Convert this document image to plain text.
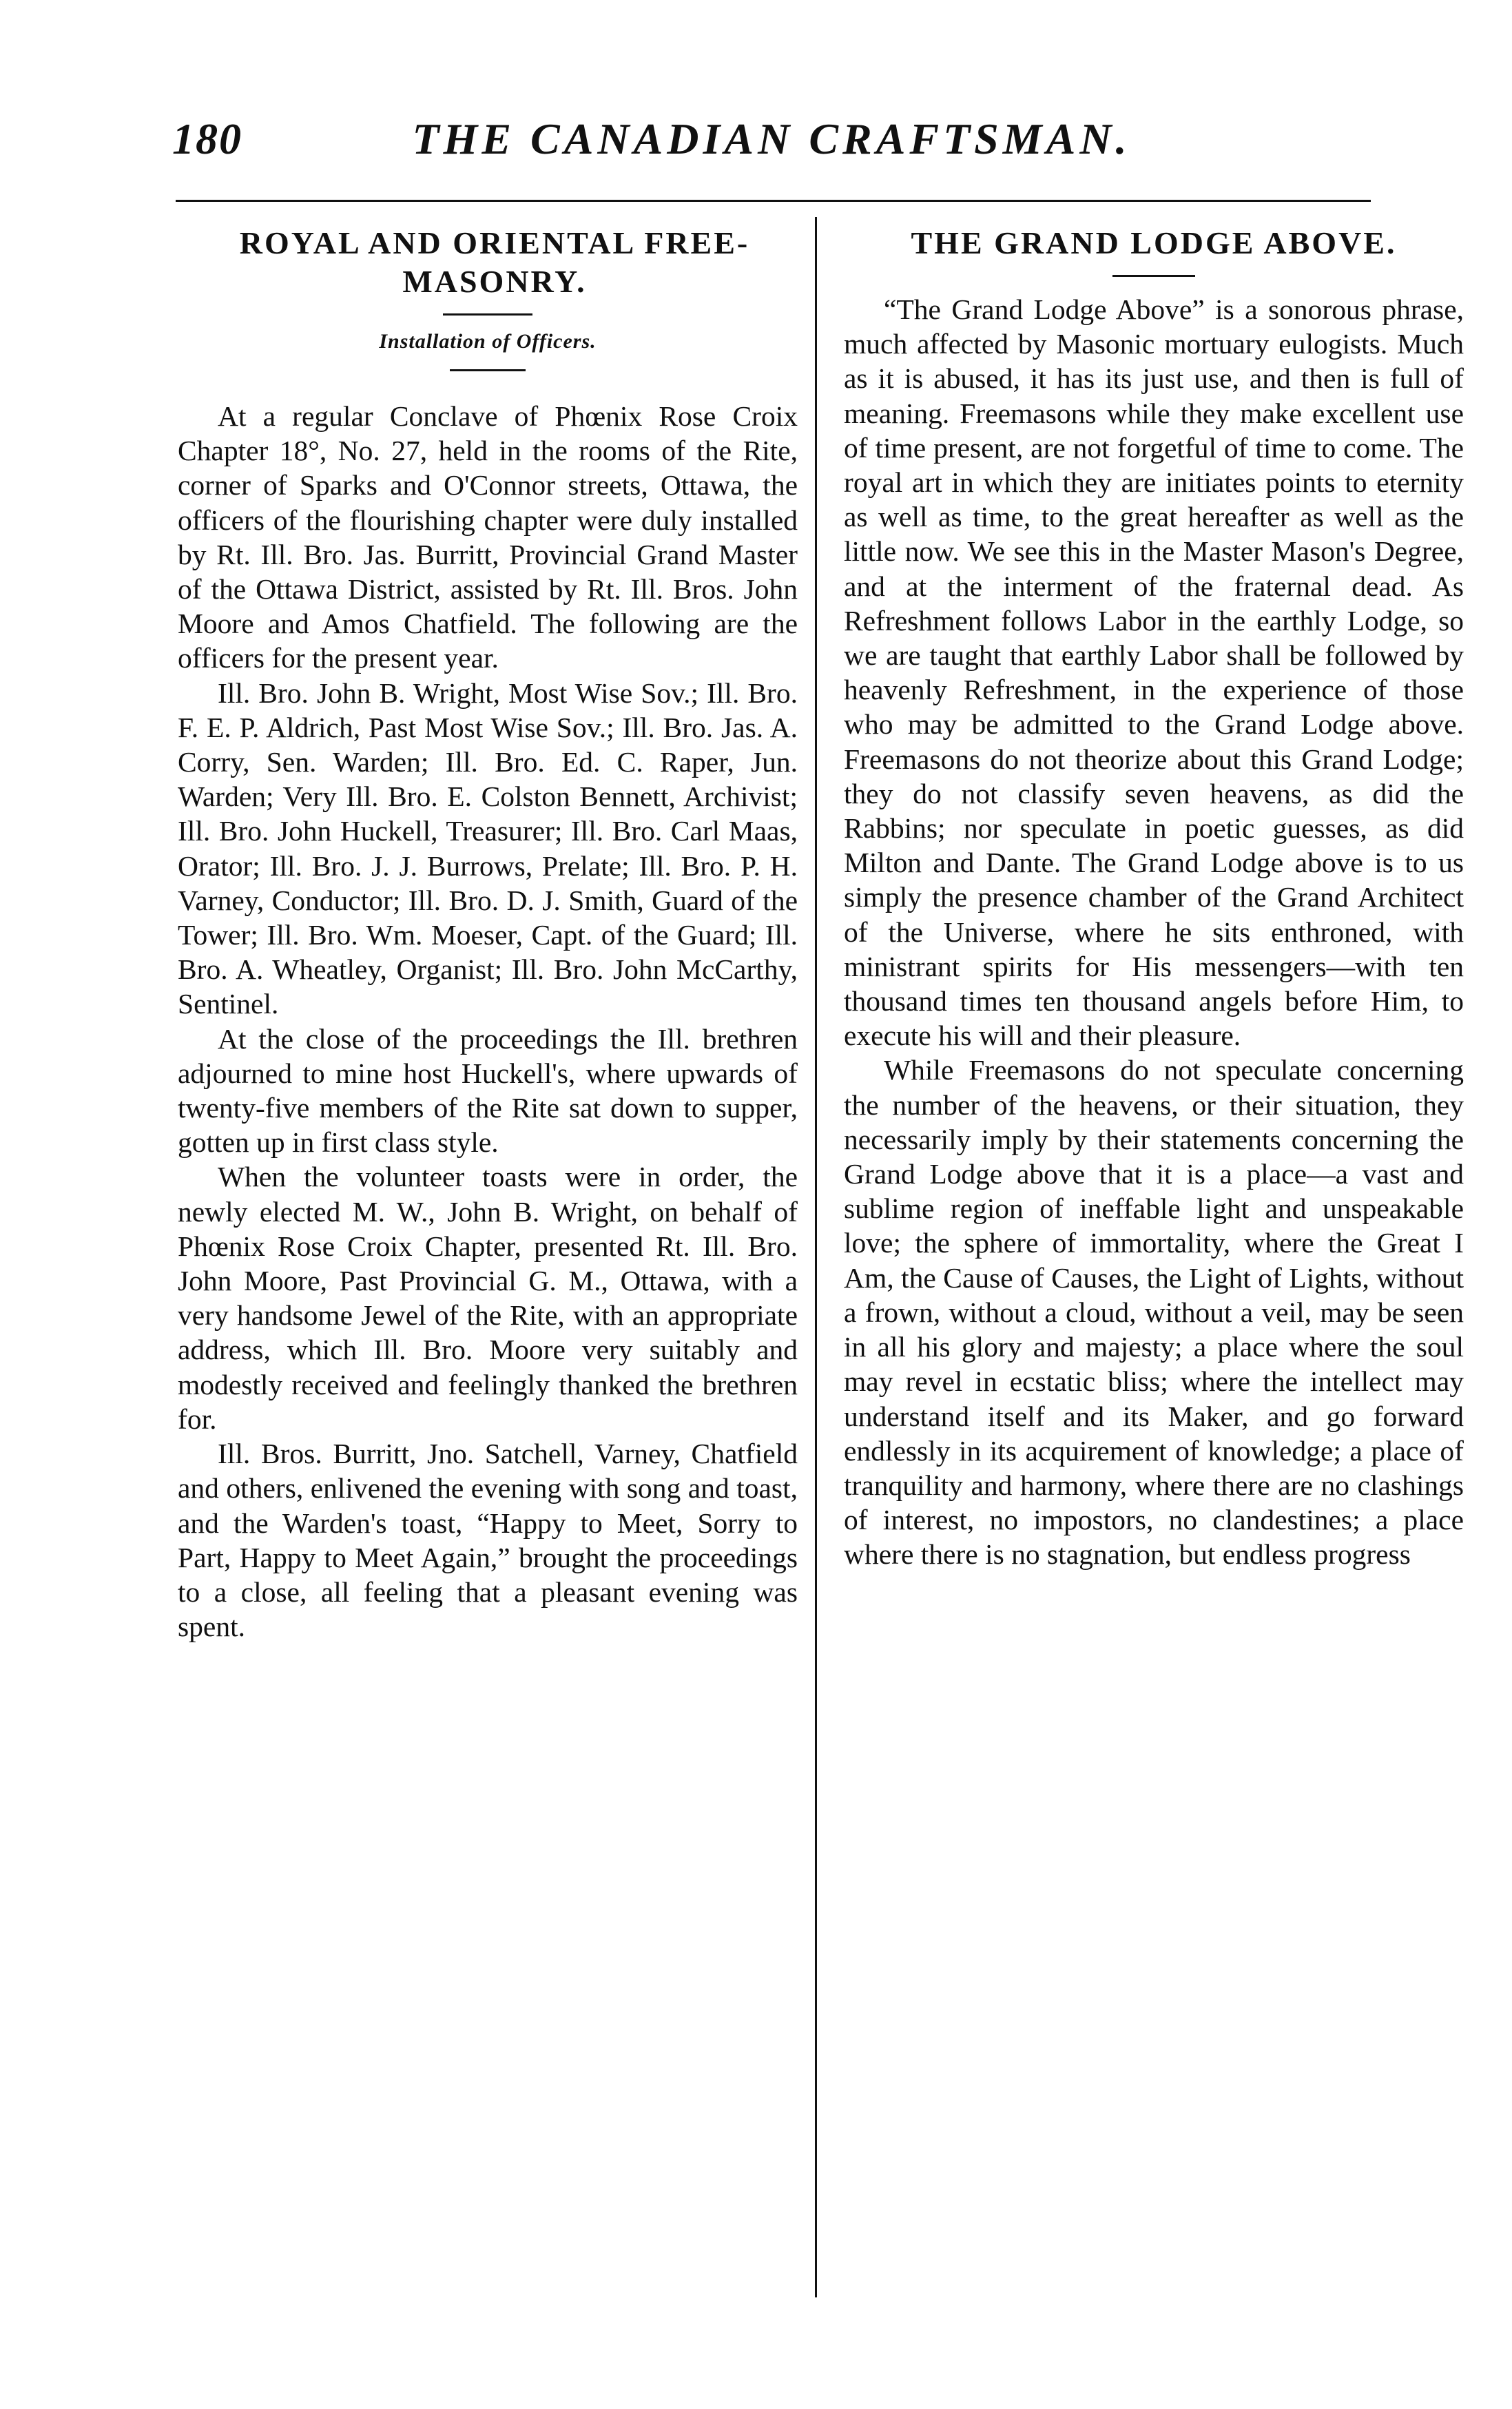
180	THE CANADIAN CRAFTSMAN.
ROYAL AND ORIENTAL FREE-MASONRY.

Installation of Officers.

At a regular Conclave of Phœnix Rose Croix Chapter 18°, No. 27, held in the rooms of the Rite, corner of Sparks and O'Connor streets, Ottawa, the officers of the flourishing chapter were duly installed by Rt. Ill. Bro. Jas. Burritt, Provincial Grand Master of the Ottawa District, assisted by Rt. Ill. Bros. John Moore and Amos Chatfield. The following are the officers for the present year.

Ill. Bro. John B. Wright, Most Wise Sov.; Ill. Bro. F. E. P. Aldrich, Past Most Wise Sov.; Ill. Bro. Jas. A. Corry, Sen. Warden; Ill. Bro. Ed. C. Raper, Jun. Warden; Very Ill. Bro. E. Colston Bennett, Archivist; Ill. Bro. John Huckell, Treasurer; Ill. Bro. Carl Maas, Orator; Ill. Bro. J. J. Burrows, Prelate; Ill. Bro. P. H. Varney, Conductor; Ill. Bro. D. J. Smith, Guard of the Tower; Ill. Bro. Wm. Moeser, Capt. of the Guard; Ill. Bro. A. Wheatley, Organist; Ill. Bro. John McCarthy, Sentinel.

At the close of the proceedings the Ill. brethren adjourned to mine host Huckell's, where upwards of twenty-five members of the Rite sat down to supper, gotten up in first class style.

When the volunteer toasts were in order, the newly elected M. W., John B. Wright, on behalf of Phœnix Rose Croix Chapter, presented Rt. Ill. Bro. John Moore, Past Provincial G. M., Ottawa, with a very handsome Jewel of the Rite, with an appropriate address, which Ill. Bro. Moore very suitably and modestly received and feelingly thanked the brethren for.

Ill. Bros. Burritt, Jno. Satchell, Varney, Chatfield and others, enlivened the evening with song and toast, and the Warden's toast, “Happy to Meet, Sorry to Part, Happy to Meet Again,” brought the proceedings to a close, all feeling that a pleasant evening was spent.

THE GRAND LODGE ABOVE.

“The Grand Lodge Above” is a sonorous phrase, much affected by Masonic mortuary eulogists. Much as it is abused, it has its just use, and then is full of meaning. Freemasons while they make excellent use of time present, are not forgetful of time to come. The royal art in which they are initiates points to eternity as well as time, to the great hereafter as well as the little now. We see this in the Master Mason's Degree, and at the interment of the fraternal dead. As Refreshment follows Labor in the earthly Lodge, so we are taught that earthly Labor shall be followed by heavenly Refreshment, in the experience of those who may be admitted to the Grand Lodge above. Freemasons do not theorize about this Grand Lodge; they do not classify seven heavens, as did the Rabbins; nor speculate in poetic guesses, as did Milton and Dante. The Grand Lodge above is to us simply the presence chamber of the Grand Architect of the Universe, where he sits enthroned, with ministrant spirits for His messengers—with ten thousand times ten thousand angels before Him, to execute his will and their pleasure.

While Freemasons do not speculate concerning the number of the heavens, or their situation, they necessarily imply by their statements concerning the Grand Lodge above that it is a place—a vast and sublime region of ineffable light and unspeakable love; the sphere of immortality, where the Great I Am, the Cause of Causes, the Light of Lights, without a frown, without a cloud, without a veil, may be seen in all his glory and majesty; a place where the soul may revel in ecstatic bliss; where the intellect may understand itself and its Maker, and go forward endlessly in its acquirement of knowledge; a place of tranquility and harmony, where there are no clashings of interest, no impostors, no clandestines; a place where there is no stagnation, but endless progress
